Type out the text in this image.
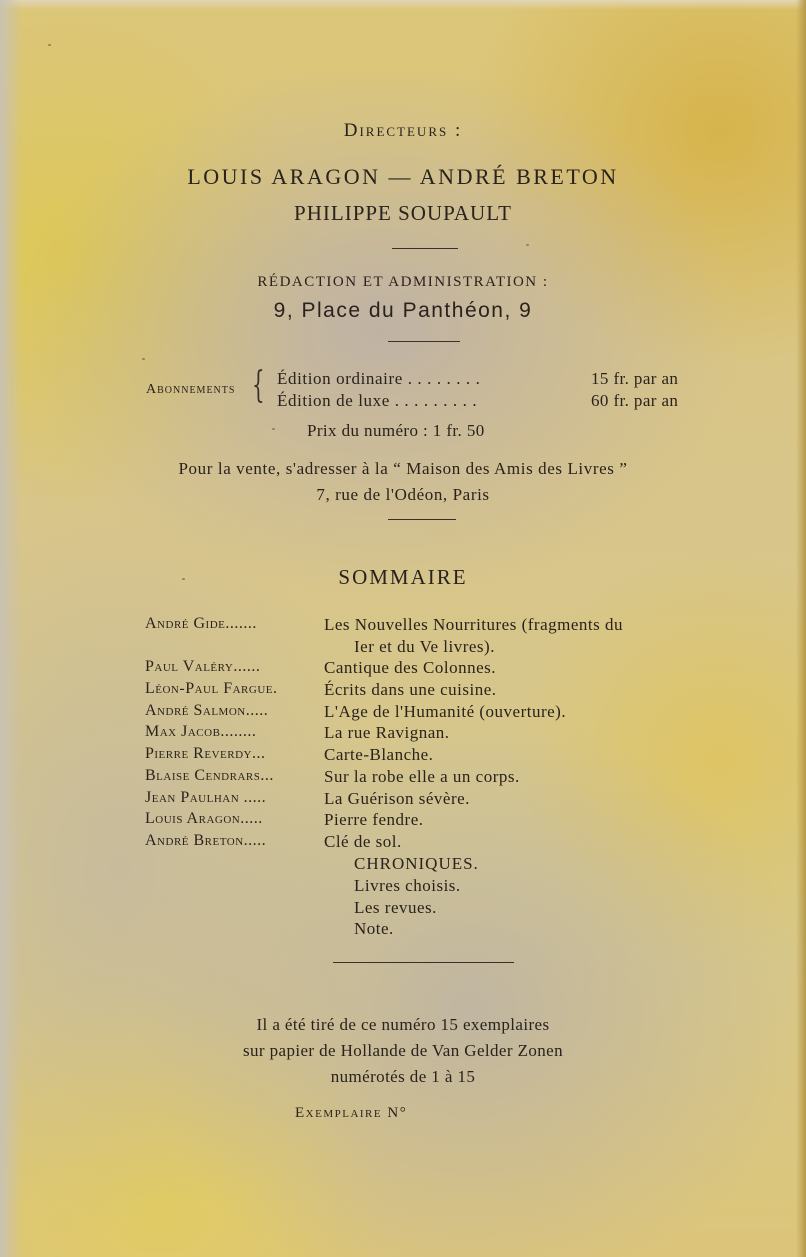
Directeurs :
LOUIS ARAGON — ANDRÉ BRETON
PHILIPPE SOUPAULT
RÉDACTION ET ADMINISTRATION :
9, Place du Panthéon, 9
Abonnements { Édition ordinaire . . . . . . . .	15 fr. par an
Édition de luxe . . . . . . . . .	60 fr. par an
Prix du numéro : 1 fr. 50
Pour la vente, s'adresser à la “ Maison des Amis des Livres ”
7, rue de l'Odéon, Paris
SOMMAIRE
André Gide.......	Les Nouvelles Nourritures (fragments du
Ier et du Ve livres).
Paul Valéry......	Cantique des Colonnes.
Léon-Paul Fargue.	Écrits dans une cuisine.
André Salmon.....	L'Age de l'Humanité (ouverture).
Max Jacob........	La rue Ravignan.
Pierre Reverdy...	Carte-Blanche.
Blaise Cendrars...	Sur la robe elle a un corps.
Jean Paulhan .....	La Guérison sévère.
Louis Aragon.....	Pierre fendre.
André Breton.....	Clé de sol.
CHRONIQUES.
Livres choisis.
Les revues.
Note.
Il a été tiré de ce numéro 15 exemplaires
sur papier de Hollande de Van Gelder Zonen
numérotés de 1 à 15
Exemplaire N°
